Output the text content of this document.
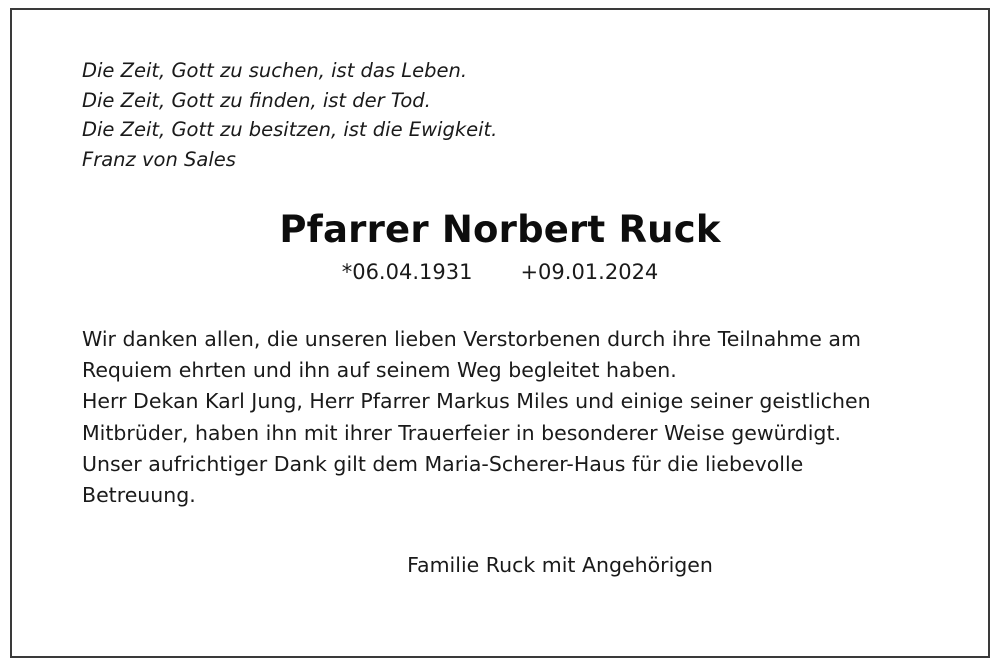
Die Zeit, Gott zu suchen, ist das Leben.
Die Zeit, Gott zu finden, ist der Tod.
Die Zeit, Gott zu besitzen, ist die Ewigkeit.
Franz von Sales
Pfarrer Norbert Ruck
*06.04.1931 +09.01.2024

Wir danken allen, die unseren lieben Verstorbenen durch ihre Teilnahme am Requiem ehrten und ihn auf seinem Weg begleitet haben.

Herr Dekan Karl Jung, Herr Pfarrer Markus Miles und einige seiner geistlichen Mitbrüder, haben ihn mit ihrer Trauerfeier in besonderer Weise gewürdigt.

Unser aufrichtiger Dank gilt dem Maria-Scherer-Haus für die liebevolle Betreuung.

Familie Ruck mit Angehörigen
